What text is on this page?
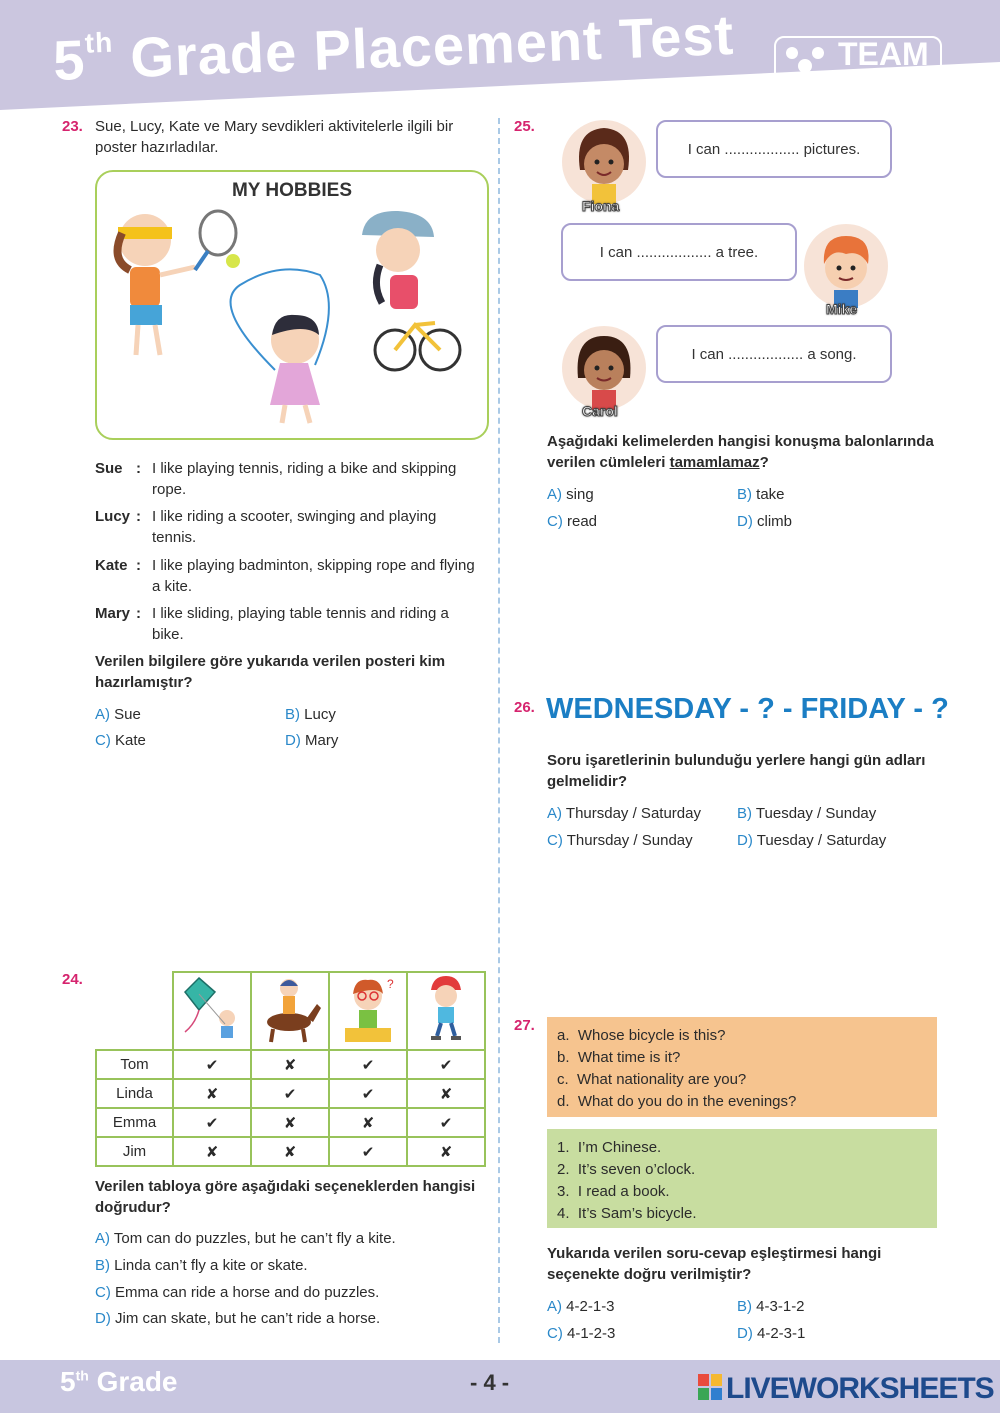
5th Grade Placement Test	TEAM
elt publishing
23. Sue, Lucy, Kate ve Mary sevdikleri aktivitelerle ilgili bir poster hazırladılar.
MY HOBBIES
Sue : I like playing tennis, riding a bike and skipping rope.
Lucy : I like riding a scooter, swinging and playing tennis.
Kate : I like playing badminton, skipping rope and flying a kite.
Mary : I like sliding, playing table tennis and riding a bike.
Verilen bilgilere göre yukarıda verilen posteri kim hazırlamıştır?
A) Sue	B) Lucy
C) Kate	D) Mary
24.
				?

Tom	✔	✘	✔	✔
Linda	✘	✔	✔	✘
Emma	✔	✘	✘	✔
Jim	✘	✘	✔	✘
Verilen tabloya göre aşağıdaki seçeneklerden hangisi doğrudur?
A) Tom can do puzzles, but he can’t fly a kite.
B) Linda can’t fly a kite or skate.
C) Emma can ride a horse and do puzzles.
D) Jim can skate, but he can’t ride a horse.
25.
Fiona
I can .................. pictures.
I can .................. a tree.
Mike
Carol
I can .................. a song.
Aşağıdaki kelimelerden hangisi konuşma balonlarında verilen cümleleri tamamlamaz?
A) sing	B) take
C) read	D) climb
26. WEDNESDAY - ? - FRIDAY - ?
Soru işaretlerinin bulunduğu yerlere hangi gün adları gelmelidir?
A) Thursday / Saturday B) Tuesday / Sunday
C) Thursday / Sunday	D) Tuesday / Saturday
27.
a. Whose bicycle is this?
b. What time is it?
c. What nationality are you?
d. What do you do in the evenings?
1. I’m Chinese.
2. It’s seven o’clock.
3. I read a book.
4. It’s Sam’s bicycle.
Yukarıda verilen soru-cevap eşleştirmesi hangi seçenekte doğru verilmiştir?
A) 4-2-1-3	B) 4-3-1-2
C) 4-1-2-3	D) 4-2-3-1
5th Grade	- 4 -	LIVEWORKSHEETS
